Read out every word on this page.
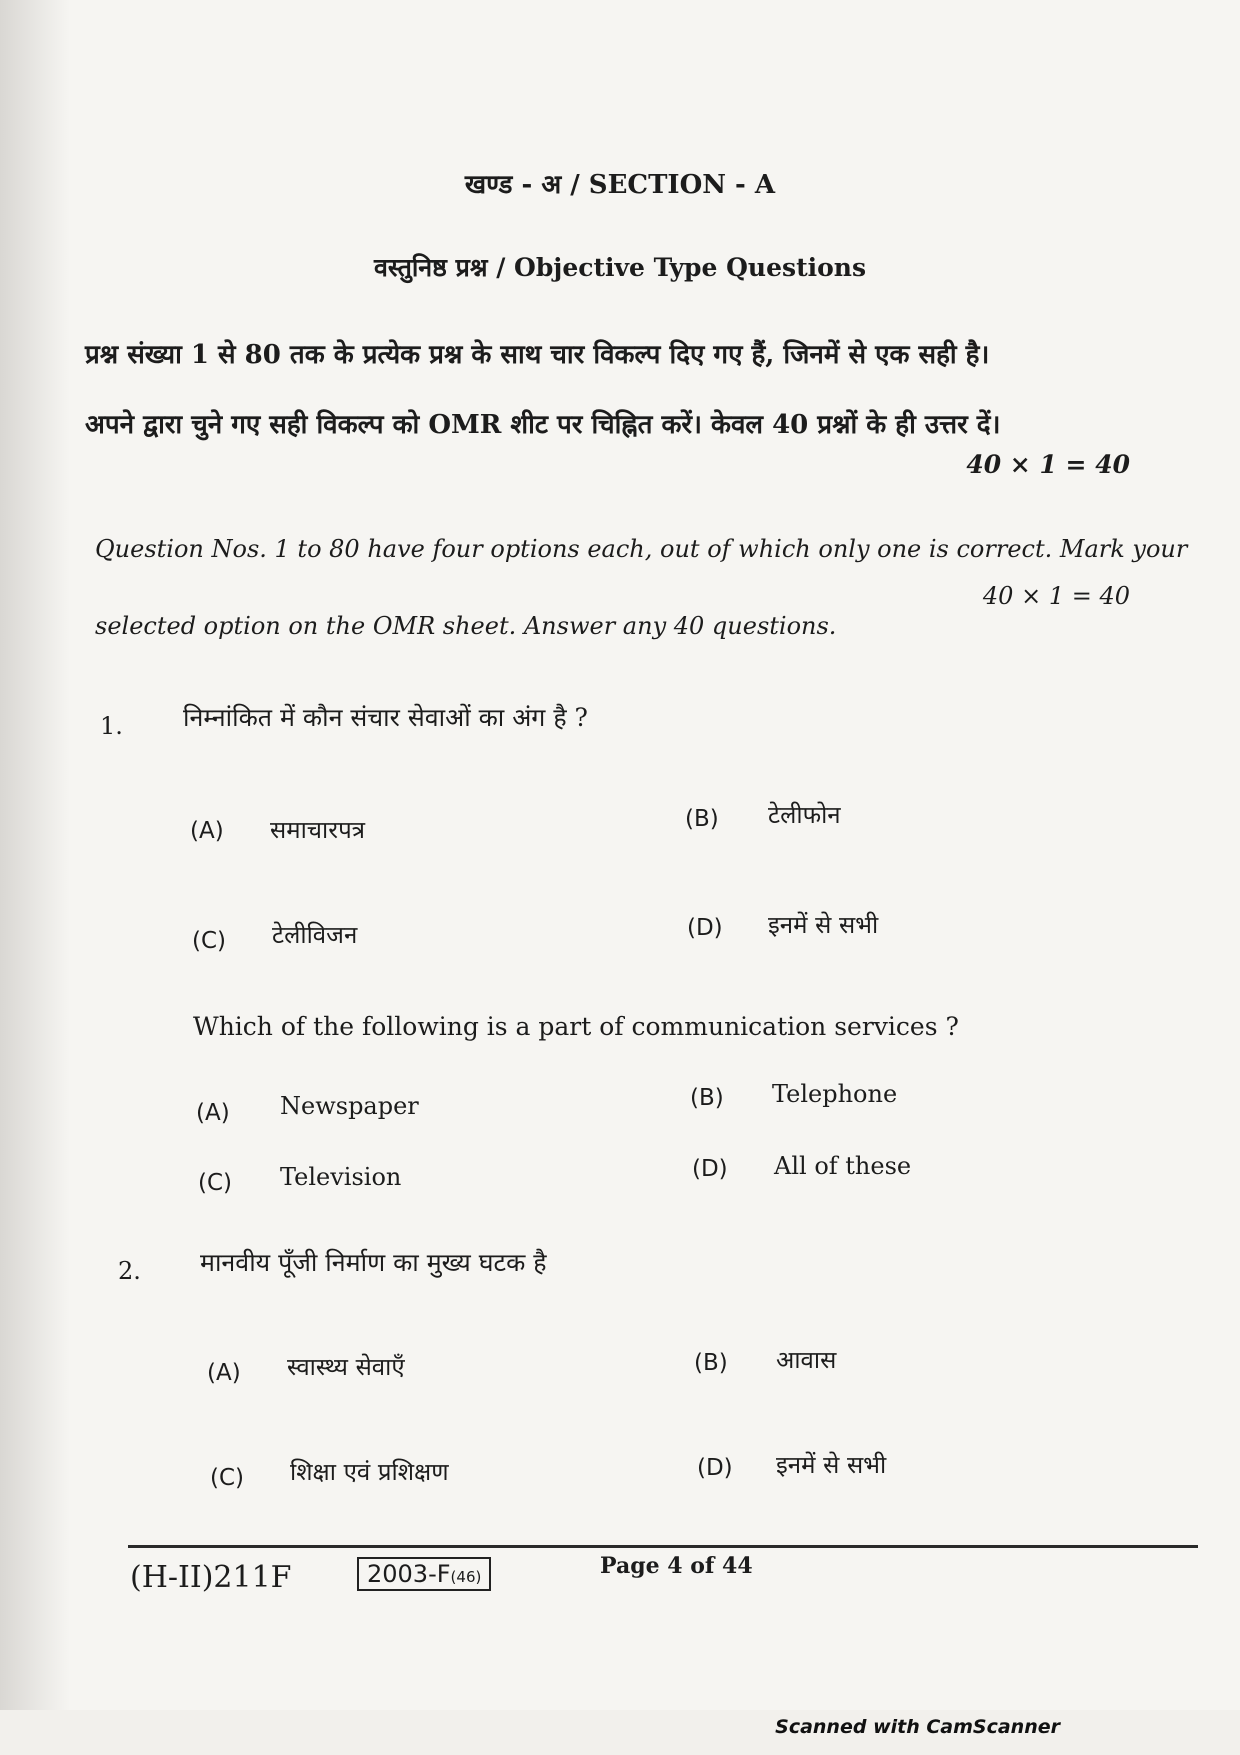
खण्ड - अ / SECTION - A
वस्तुनिष्ठ प्रश्न / Objective Type Questions
प्रश्न संख्या 1 से 80 तक के प्रत्येक प्रश्न के साथ चार विकल्प दिए गए हैं, जिनमें से एक सही है।
अपने द्वारा चुने गए सही विकल्प को OMR शीट पर चिह्नित करें। केवल 40 प्रश्नों के ही उत्तर दें।
40 × 1 = 40
Question Nos. 1 to 80 have four options each, out of which only one is correct. Mark your
selected option on the OMR sheet. Answer any 40 questions.
40 × 1 = 40
1. निम्नांकित में कौन संचार सेवाओं का अंग है ?
(A) समाचारपत्र	(B) टेलीफोन
(C) टेलीविजन	(D) इनमें से सभी
Which of the following is a part of communication services ?
(A) Newspaper	(B) Telephone
(C) Television	(D) All of these
2. मानवीय पूँजी निर्माण का मुख्य घटक है
(A) स्वास्थ्य सेवाएँ	(B) आवास
(C) शिक्षा एवं प्रशिक्षण	(D) इनमें से सभी
(H-II)211F	2003-F(46)	Page 4 of 44
Scanned with CamScanner
